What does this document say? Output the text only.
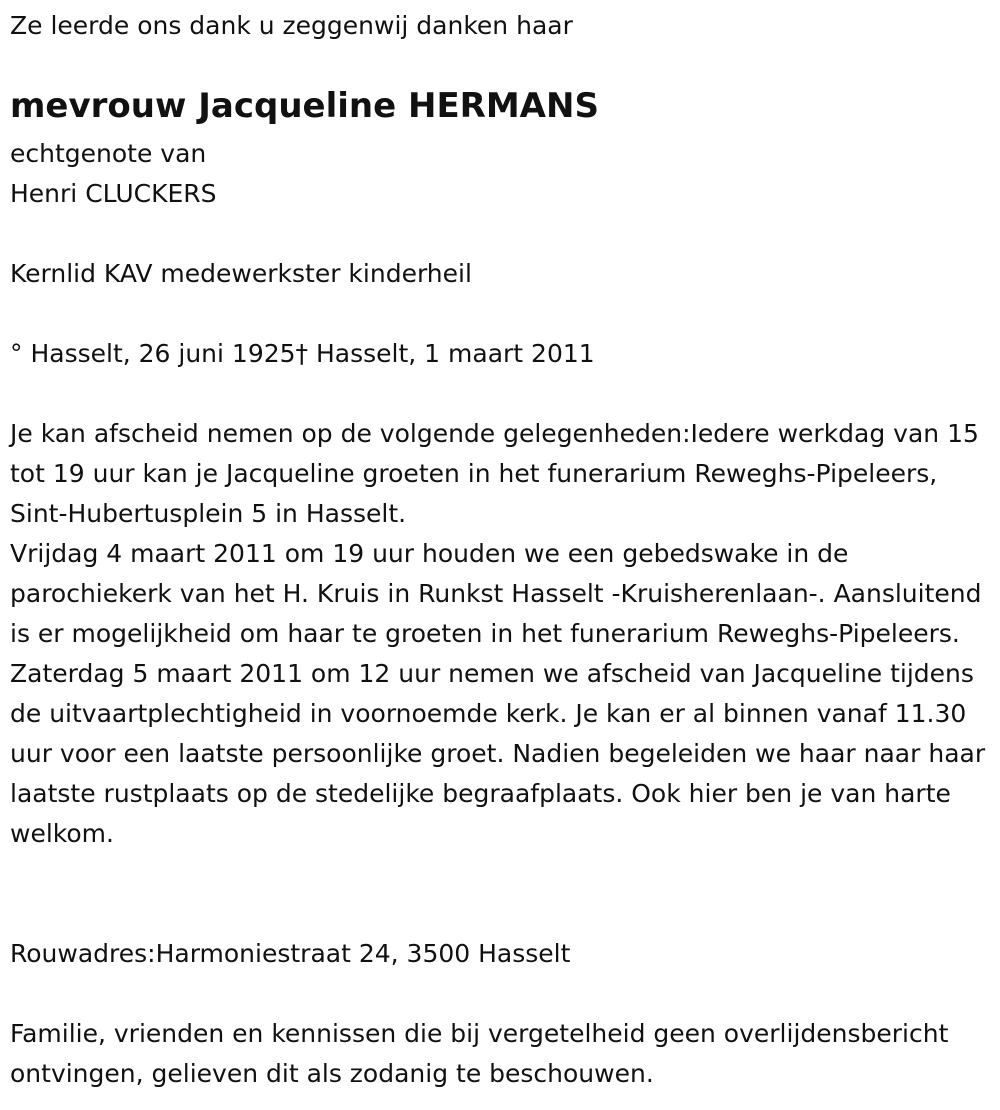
Ze leerde ons dank u zeggenwij danken haar
mevrouw Jacqueline HERMANS
echtgenote van
Henri CLUCKERS
Kernlid KAV medewerkster kinderheil
° Hasselt, 26 juni 1925† Hasselt, 1 maart 2011

Je kan afscheid nemen op de volgende gelegenheden:Iedere werkdag van 15 tot 19 uur kan je Jacqueline groeten in het funerarium Reweghs-Pipeleers, Sint-Hubertusplein 5 in Hasselt.

Vrijdag 4 maart 2011 om 19 uur houden we een gebedswake in de parochiekerk van het H. Kruis in Runkst Hasselt -Kruisherenlaan-. Aansluitend is er mogelijkheid om haar te groeten in het funerarium Reweghs-Pipeleers.

Zaterdag 5 maart 2011 om 12 uur nemen we afscheid van Jacqueline tijdens de uitvaartplechtigheid in voornoemde kerk. Je kan er al binnen vanaf 11.30 uur voor een laatste persoonlijke groet. Nadien begeleiden we haar naar haar laatste rustplaats op de stedelijke begraafplaats. Ook hier ben je van harte welkom.

Rouwadres:Harmoniestraat 24, 3500 Hasselt
Familie, vrienden en kennissen die bij vergetelheid geen overlijdensbericht ontvingen, gelieven dit als zodanig te beschouwen.
